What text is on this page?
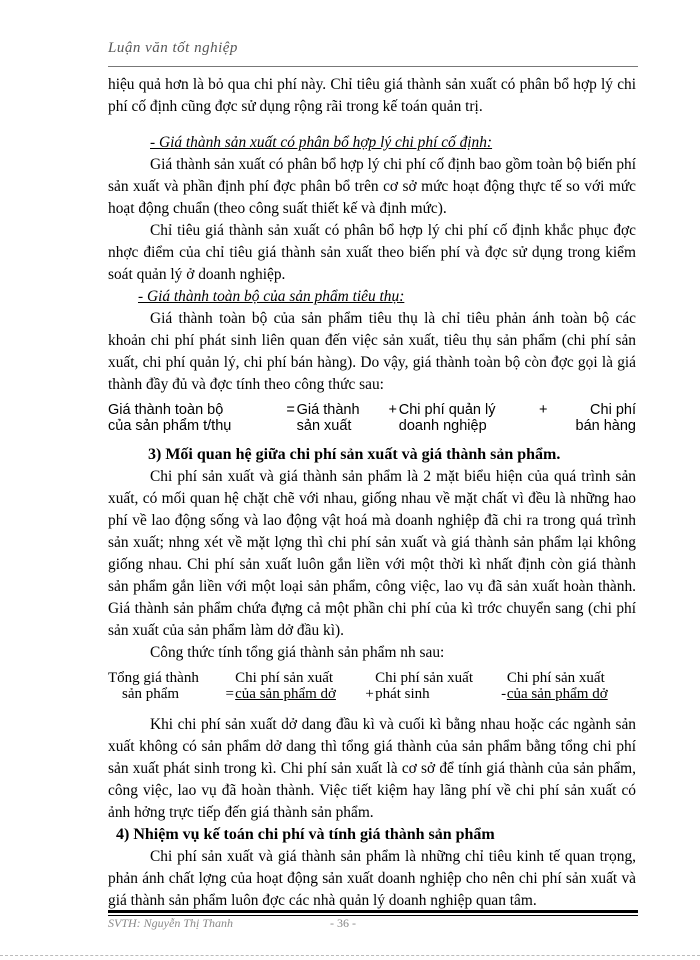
Luận văn tốt nghiệp

hiệu quả hơn là bỏ qua chi phí này. Chỉ tiêu giá thành sản xuất có phân bổ hợp lý chi phí cố định cũng đợc sử dụng rộng rãi trong kế toán quản trị.

- Giá thành sản xuất có phân bổ hợp lý chi phí cố định:

Giá thành sản xuất có phân bổ hợp lý chi phí cố định bao gồm toàn bộ biến phí sản xuất và phần định phí đợc phân bổ trên cơ sở mức hoạt động thực tế so với mức hoạt động chuẩn (theo công suất thiết kế và định mức).

Chỉ tiêu giá thành sản xuất có phân bổ hợp lý chi phí cố định khắc phục đợc nhợc điểm của chỉ tiêu giá thành sản xuất theo biến phí và đợc sử dụng trong kiểm soát quản lý ở doanh nghiệp.

- Giá thành toàn bộ của sản phẩm tiêu thụ:

Giá thành toàn bộ của sản phẩm tiêu thụ là chỉ tiêu phản ánh toàn bộ các khoản chi phí phát sinh liên quan đến việc sản xuất, tiêu thụ sản phẩm (chi phí sản xuất, chi phí quản lý, chi phí bán hàng). Do vậy, giá thành toàn bộ còn đợc gọi là giá thành đầy đủ và đợc tính theo công thức sau:

Giá thành toàn bộ	=	Giá thành	+	Chi phí quản lý	+	Chi phí
của sản phẩm t/thụ		sản xuất		doanh nghiệp		bán hàng

3) Mối quan hệ giữa chi phí sản xuất và giá thành sản phẩm.

Chi phí sản xuất và giá thành sản phẩm là 2 mặt biểu hiện của quá trình sản xuất, có mối quan hệ chặt chẽ với nhau, giống nhau về mặt chất vì đều là những hao phí về lao động sống và lao động vật hoá mà doanh nghiệp đã chi ra trong quá trình sản xuất; nhng xét về mặt lợng thì chi phí sản xuất và giá thành sản phẩm lại không giống nhau. Chi phí sản xuất luôn gắn liền với một thời kì nhất định còn giá thành sản phẩm gắn liền với một loại sản phẩm, công việc, lao vụ đã sản xuất hoàn thành. Giá thành sản phẩm chứa đựng cả một phần chi phí của kì trớc chuyển sang (chi phí sản xuất của sản phẩm làm dở đầu kì).

Công thức tính tổng giá thành sản phẩm nh sau:

Tổng giá thành		Chi phí sản xuất		Chi phí sản xuất		Chi phí sản xuất
sản phẩm	=	của sản phẩm dở	+	phát sinh	-	của sản phẩm dở

Khi chi phí sản xuất dở dang đầu kì và cuối kì bằng nhau hoặc các ngành sản xuất không có sản phẩm dở dang thì tổng giá thành của sản phẩm bằng tổng chi phí sản xuất phát sinh trong kì. Chi phí sản xuất là cơ sở để tính giá thành của sản phẩm, công việc, lao vụ đã hoàn thành. Việc tiết kiệm hay lãng phí về chi phí sản xuất có ảnh hởng trực tiếp đến giá thành sản phẩm.

4) Nhiệm vụ kế toán chi phí và tính giá thành sản phẩm

Chi phí sản xuất và giá thành sản phẩm là những chỉ tiêu kinh tế quan trọng, phản ánh chất lợng của hoạt động sản xuất doanh nghiệp cho nên chi phí sản xuất và giá thành sản phẩm luôn đợc các nhà quản lý doanh nghiệp quan tâm.

SVTH: Nguyễn Thị Thanh	- 36 -
